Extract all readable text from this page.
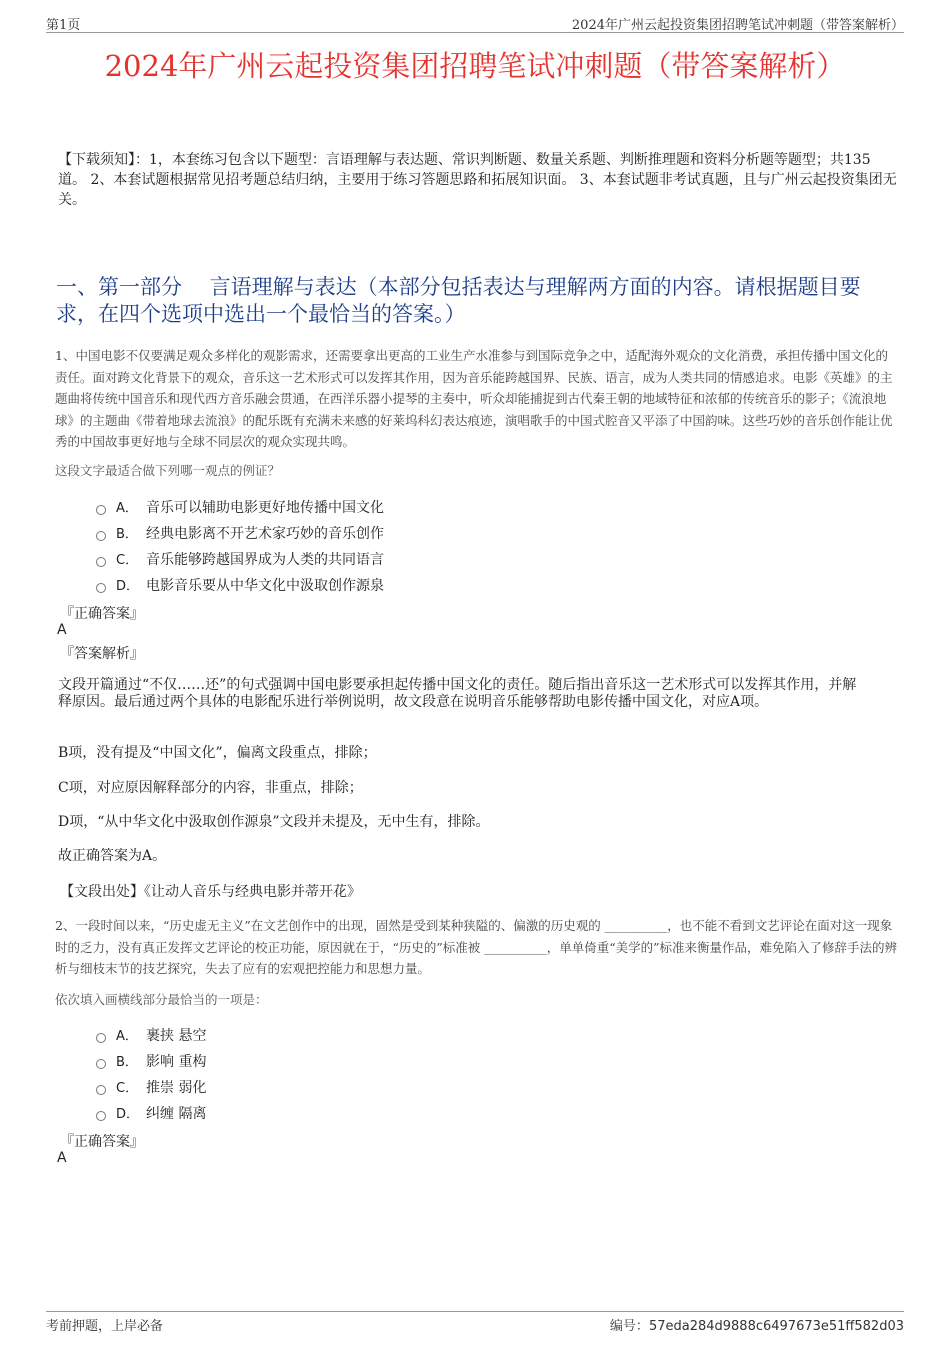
第1页	2024年广州云起投资集团招聘笔试冲刺题（带答案解析）
2024年广州云起投资集团招聘笔试冲刺题（带答案解析）
【下载须知】：1，本套练习包含以下题型：言语理解与表达题、常识判断题、数量关系题、判断推理题和资料分析题等题型；共135道。 2、本套试题根据常见招考题总结归纳，主要用于练习答题思路和拓展知识面。 3、本套试题非考试真题，且与广州云起投资集团无关。
一、第一部分　 言语理解与表达（本部分包括表达与理解两方面的内容。请根据题目要求，在四个选项中选出一个最恰当的答案。）
1、中国电影不仅要满足观众多样化的观影需求，还需要拿出更高的工业生产水准参与到国际竞争之中，适配海外观众的文化消费，承担传播中国文化的责任。面对跨文化背景下的观众，音乐这一艺术形式可以发挥其作用，因为音乐能跨越国界、民族、语言，成为人类共同的情感追求。电影《英雄》的主题曲将传统中国音乐和现代西方音乐融会贯通，在西洋乐器小提琴的主奏中，听众却能捕捉到古代秦王朝的地域特征和浓郁的传统音乐的影子；《流浪地球》的主题曲《带着地球去流浪》的配乐既有充满未来感的好莱坞科幻表达痕迹，演唱歌手的中国式腔音又平添了中国韵味。这些巧妙的音乐创作能让优秀的中国故事更好地与全球不同层次的观众实现共鸣。
这段文字最适合做下列哪一观点的例证？
A． 音乐可以辅助电影更好地传播中国文化
B． 经典电影离不开艺术家巧妙的音乐创作
C． 音乐能够跨越国界成为人类的共同语言
D． 电影音乐要从中华文化中汲取创作源泉
『正确答案』
A
『答案解析』
文段开篇通过“不仅……还”的句式强调中国电影要承担起传播中国文化的责任。随后指出音乐这一艺术形式可以发挥其作用，并解释原因。最后通过两个具体的电影配乐进行举例说明，故文段意在说明音乐能够帮助电影传播中国文化，对应A项。
B项，没有提及“中国文化”，偏离文段重点，排除；
C项，对应原因解释部分的内容，非重点，排除；
D项，“从中华文化中汲取创作源泉”文段并未提及，无中生有，排除。
故正确答案为A。
【文段出处】《让动人音乐与经典电影并蒂开花》
2、一段时间以来，“历史虚无主义”在文艺创作中的出现，固然是受到某种狭隘的、偏激的历史观的 __________，也不能不看到文艺评论在面对这一现象时的乏力，没有真正发挥文艺评论的校正功能，原因就在于，“历史的”标准被 __________，单单倚重“美学的”标准来衡量作品，难免陷入了修辞手法的辨析与细枝末节的技艺探究，失去了应有的宏观把控能力和思想力量。
依次填入画横线部分最恰当的一项是：
A． 裹挟 悬空
B． 影响 重构
C． 推崇 弱化
D． 纠缠 隔离
『正确答案』
A
考前押题，上岸必备	编号：57eda284d9888c6497673e51ff582d03
